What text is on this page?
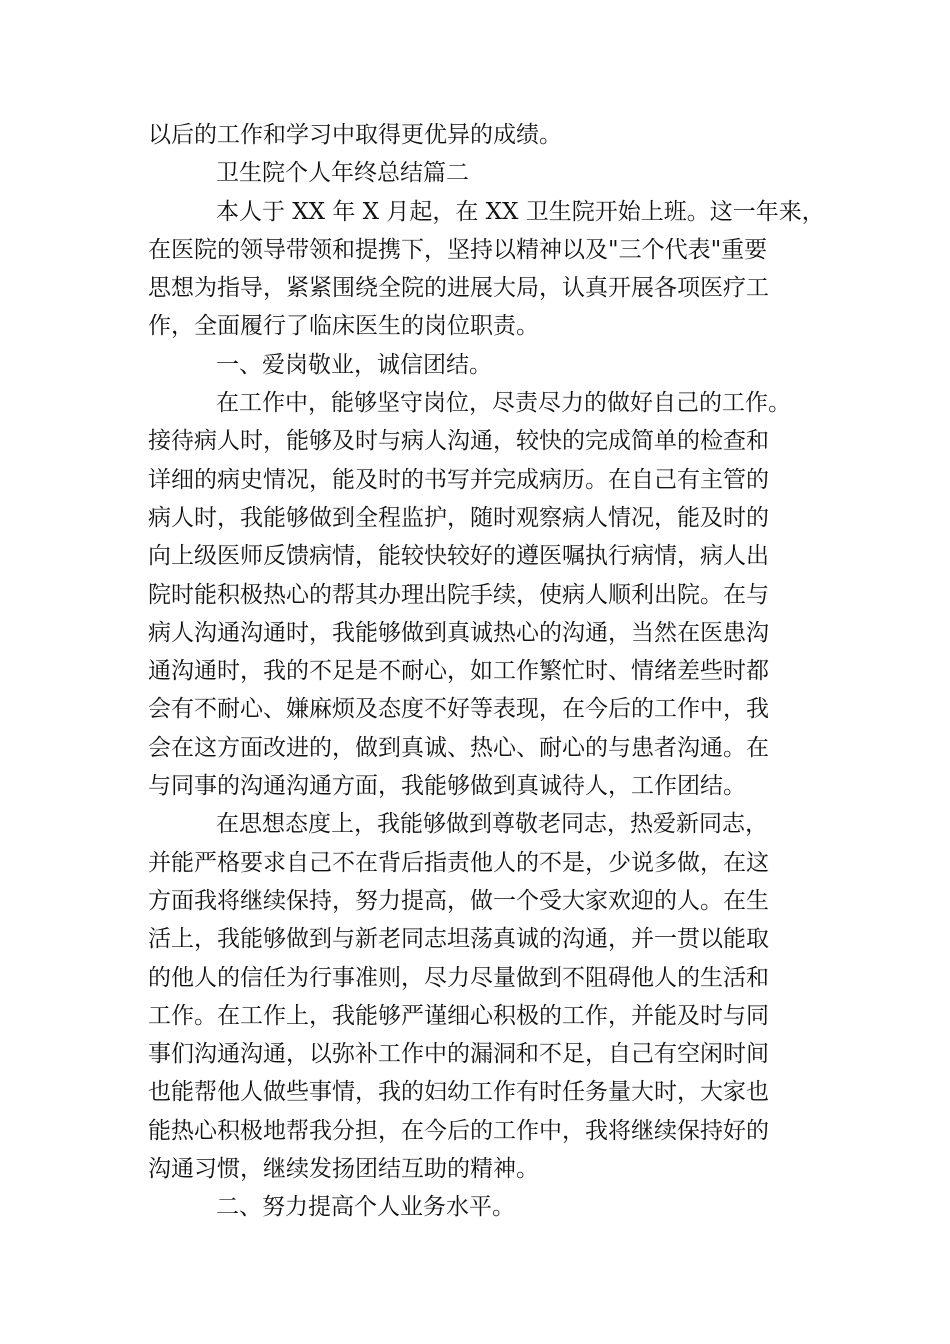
以后的工作和学习中取得更优异的成绩。
卫生院个人年终总结篇二
本人于 XX 年 X 月起，在 XX 卫生院开始上班。这一年来，
在医院的领导带领和提携下，坚持以精神以及"三个代表"重要
思想为指导，紧紧围绕全院的进展大局，认真开展各项医疗工
作，全面履行了临床医生的岗位职责。
一、爱岗敬业，诚信团结。
在工作中，能够坚守岗位，尽责尽力的做好自己的工作。
接待病人时，能够及时与病人沟通，较快的完成简单的检查和
详细的病史情况，能及时的书写并完成病历。在自己有主管的
病人时，我能够做到全程监护，随时观察病人情况，能及时的
向上级医师反馈病情，能较快较好的遵医嘱执行病情，病人出
院时能积极热心的帮其办理出院手续，使病人顺利出院。在与
病人沟通沟通时，我能够做到真诚热心的沟通，当然在医患沟
通沟通时，我的不足是不耐心，如工作繁忙时、情绪差些时都
会有不耐心、嫌麻烦及态度不好等表现，在今后的工作中，我
会在这方面改进的，做到真诚、热心、耐心的与患者沟通。在
与同事的沟通沟通方面，我能够做到真诚待人，工作团结。
在思想态度上，我能够做到尊敬老同志，热爱新同志，
并能严格要求自己不在背后指责他人的不是，少说多做，在这
方面我将继续保持，努力提高，做一个受大家欢迎的人。在生
活上，我能够做到与新老同志坦荡真诚的沟通，并一贯以能取
的他人的信任为行事准则，尽力尽量做到不阻碍他人的生活和
工作。在工作上，我能够严谨细心积极的工作，并能及时与同
事们沟通沟通，以弥补工作中的漏洞和不足，自己有空闲时间
也能帮他人做些事情，我的妇幼工作有时任务量大时，大家也
能热心积极地帮我分担，在今后的工作中，我将继续保持好的
沟通习惯，继续发扬团结互助的精神。
二、努力提高个人业务水平。
